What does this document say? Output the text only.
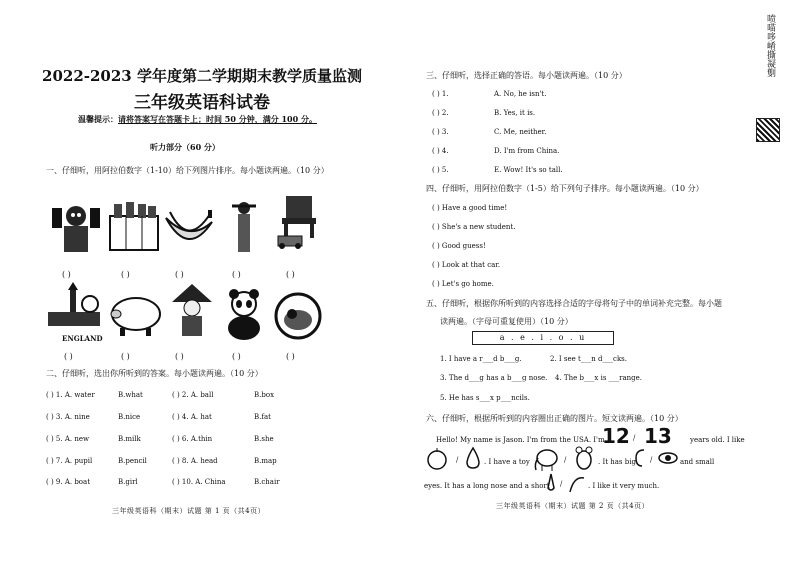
2022-2023 学年度第二学期期末教学质量监测
三年级英语科试卷
温馨提示：请将答案写在答题卡上；时间 50 分钟，满分 100 分。
听力部分（60 分）
一、仔细听，用阿拉伯数字（1-10）给下列图片排序。每小题读两遍。（10 分）
( )	( )	( )	( )	( )
ENGLAND
( )	( )	( )	( )	( )
二、仔细听，选出你所听到的答案。每小题读两遍。（10 分）
( ) 1. A. water	B.what	( ) 2. A. ball	B.box
( ) 3. A. nine	B.nice	( ) 4. A. hat	B.fat
( ) 5. A. new	B.milk	( ) 6. A.thin	B.she
( ) 7. A. pupil	B.pencil	( ) 8. A. head	B.map
( ) 9. A. boat	B.girl	( ) 10. A. China	B.chair
三年级英语科（期末）试题 第 1 页（共4页）
三、仔细听，选择正确的答语。每小题读两遍。（10 分）
( ) 1.	A. No, he isn't.
( ) 2.	B. Yes, it is.
( ) 3.	C. Me, neither.
( ) 4.	D. I'm from China.
( ) 5.	E. Wow! It's so tall.
四、仔细听，用阿拉伯数字（1-5）给下列句子排序。每小题读两遍。（10 分）
( ) Have a good time!
( ) She's a new student.
( ) Good guess!
( ) Look at that car.
( ) Let's go home.
五、仔细听，根据你所听到的内容选择合适的字母将句子中的单词补充完整。每小题
读两遍。（字母可重复使用）（10 分）
a . e . i . o . u
1. I have a r___d b___g.	2. I see t___n d___cks.
3. The d___g has a b___g nose. 4. The b___x is ___range.
5. He has s___x p___ncils.
六、仔细听，根据所听到的内容圈出正确的图片。短文读两遍。（10 分）
Hello! My name is Jason. I'm from the USA. I'm
12 / 13	years old. I like
/	. I have a toy	/	. It has big /	and small
eyes. It has a long nose and a short /	. I like it very much.
三年级英语科（期末）试题 第 2 页（共4页）
喷喵哆崤撕凝劐
